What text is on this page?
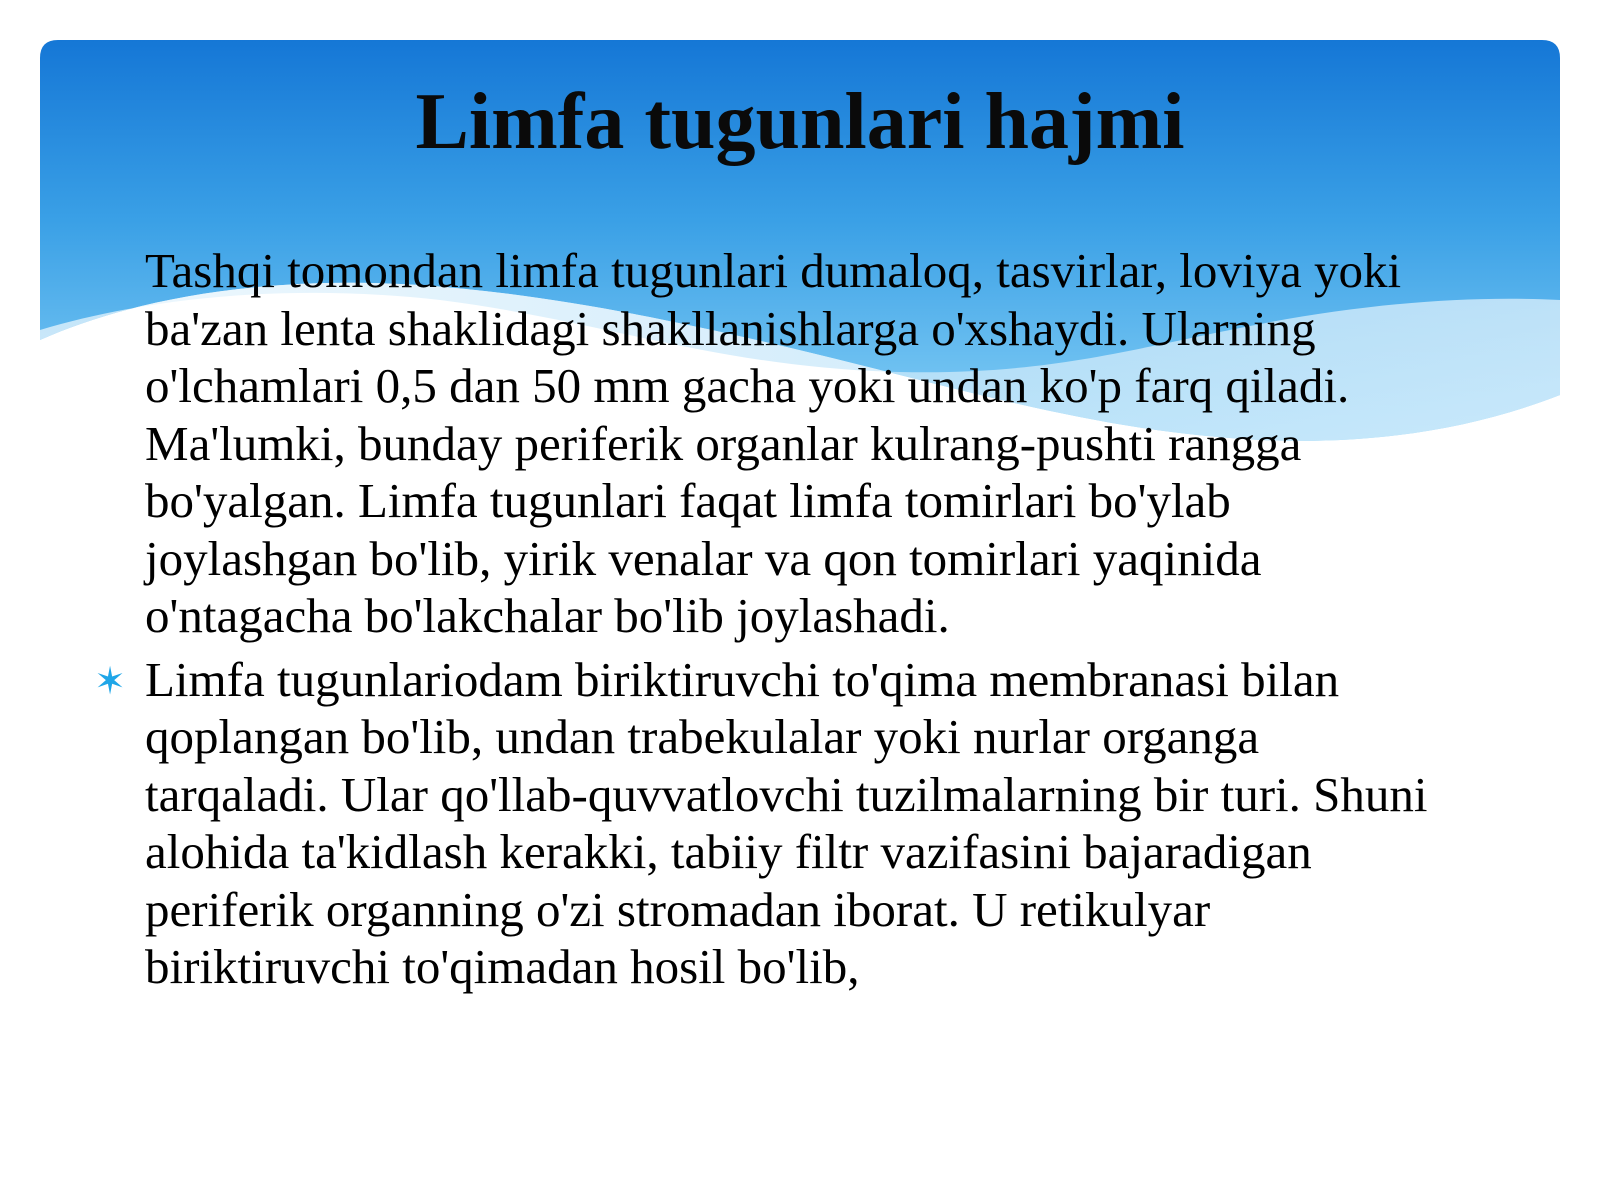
Limfa tugunlari hajmi
Tashqi tomondan limfa tugunlari dumaloq, tasvirlar, loviya yoki ba'zan lenta shaklidagi shakllanishlarga o'xshaydi. Ularning o'lchamlari 0,5 dan 50 mm gacha yoki undan ko'p farq qiladi. Ma'lumki, bunday periferik organlar kulrang-pushti rangga bo'yalgan. Limfa tugunlari faqat limfa tomirlari bo'ylab joylashgan bo'lib, yirik venalar va qon tomirlari yaqinida o'ntagacha bo'lakchalar bo'lib joylashadi.
✶ Limfa tugunlariodam biriktiruvchi to'qima membranasi bilan qoplangan bo'lib, undan trabekulalar yoki nurlar organga tarqaladi. Ular qo'llab-quvvatlovchi tuzilmalarning bir turi. Shuni alohida ta'kidlash kerakki, tabiiy filtr vazifasini bajaradigan periferik organning o'zi stromadan iborat. U retikulyar biriktiruvchi to'qimadan hosil bo'lib,
